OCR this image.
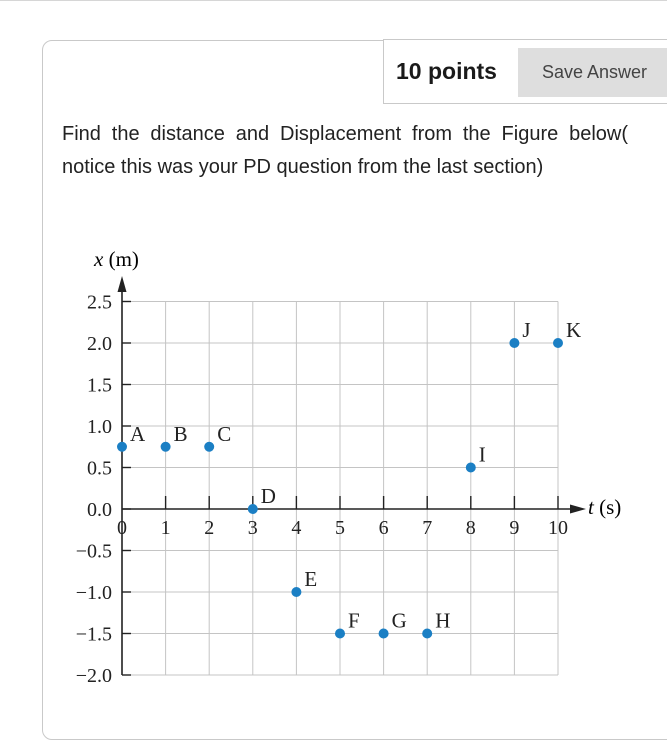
10 points	Save Answer
Find the distance and Displacement from the Figure below( notice this was your PD question from the last section)
2.5
2.0
1.5
1.0
0.5
0.0
−0.5
−1.0
−1.5
−2.0
0 1 2 3 4 5 6 7 8 9 10
A B C
D
E
F G H
I
J K
x (m)
t (s)
